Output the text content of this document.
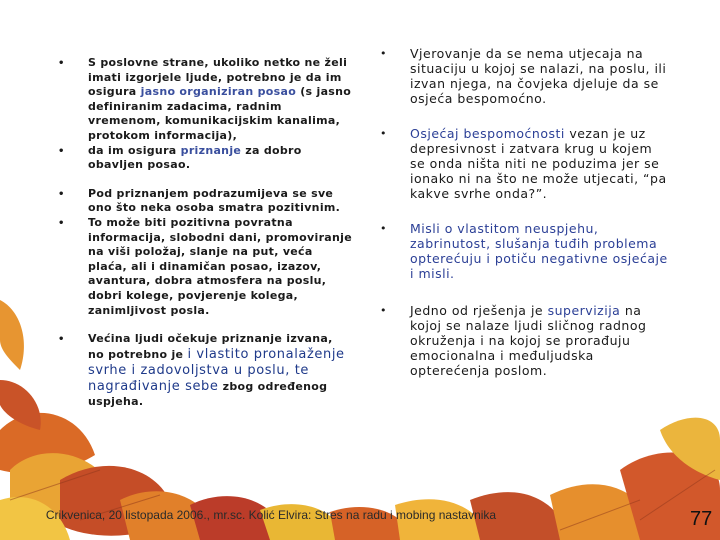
• S poslovne strane, ukoliko netko ne želi imati izgorjele ljude, potrebno je da im osigura jasno organiziran posao (s jasno definiranim zadacima, radnim vremenom, komunikacijskim kanalima, protokom informacija),
• da im osigura priznanje za dobro obavljen posao.
• Pod priznanjem podrazumijeva se sve ono što neka osoba smatra pozitivnim.
• To može biti pozitivna povratna informacija, slobodni dani, promoviranje na viši položaj, slanje na put, veća plaća, ali i dinamičan posao, izazov, avantura, dobra atmosfera na poslu, dobri kolege, povjerenje kolega, zanimljivost posla.
• Većina ljudi očekuje priznanje izvana, no potrebno je i vlastito pronalaženje svrhe i zadovoljstva u poslu, te nagrađivanje sebe zbog određenog uspjeha.
• Vjerovanje da se nema utjecaja na situaciju u kojoj se nalazi, na poslu, ili izvan njega, na čovjeka djeluje da se osjeća bespomoćno.
• Osjećaj bespomoćnosti vezan je uz depresivnost i zatvara krug u kojem se onda ništa niti ne poduzima jer se ionako ni na što ne može utjecati, “pa kakve svrhe onda?”.
• Misli o vlastitom neuspjehu, zabrinutost, slušanja tuđih problema opterećuju i potiču negativne osjećaje i misli.
• Jedno od rješenja je supervizija na kojoj se nalaze ljudi sličnog radnog okruženja i na kojoj se prorađuju emocionalna i međuljudska opterećenja poslom.
Crikvenica, 20 listopada 2006., mr.sc. Kolić Elvira: Stres na radu i mobing nastavnika	77
